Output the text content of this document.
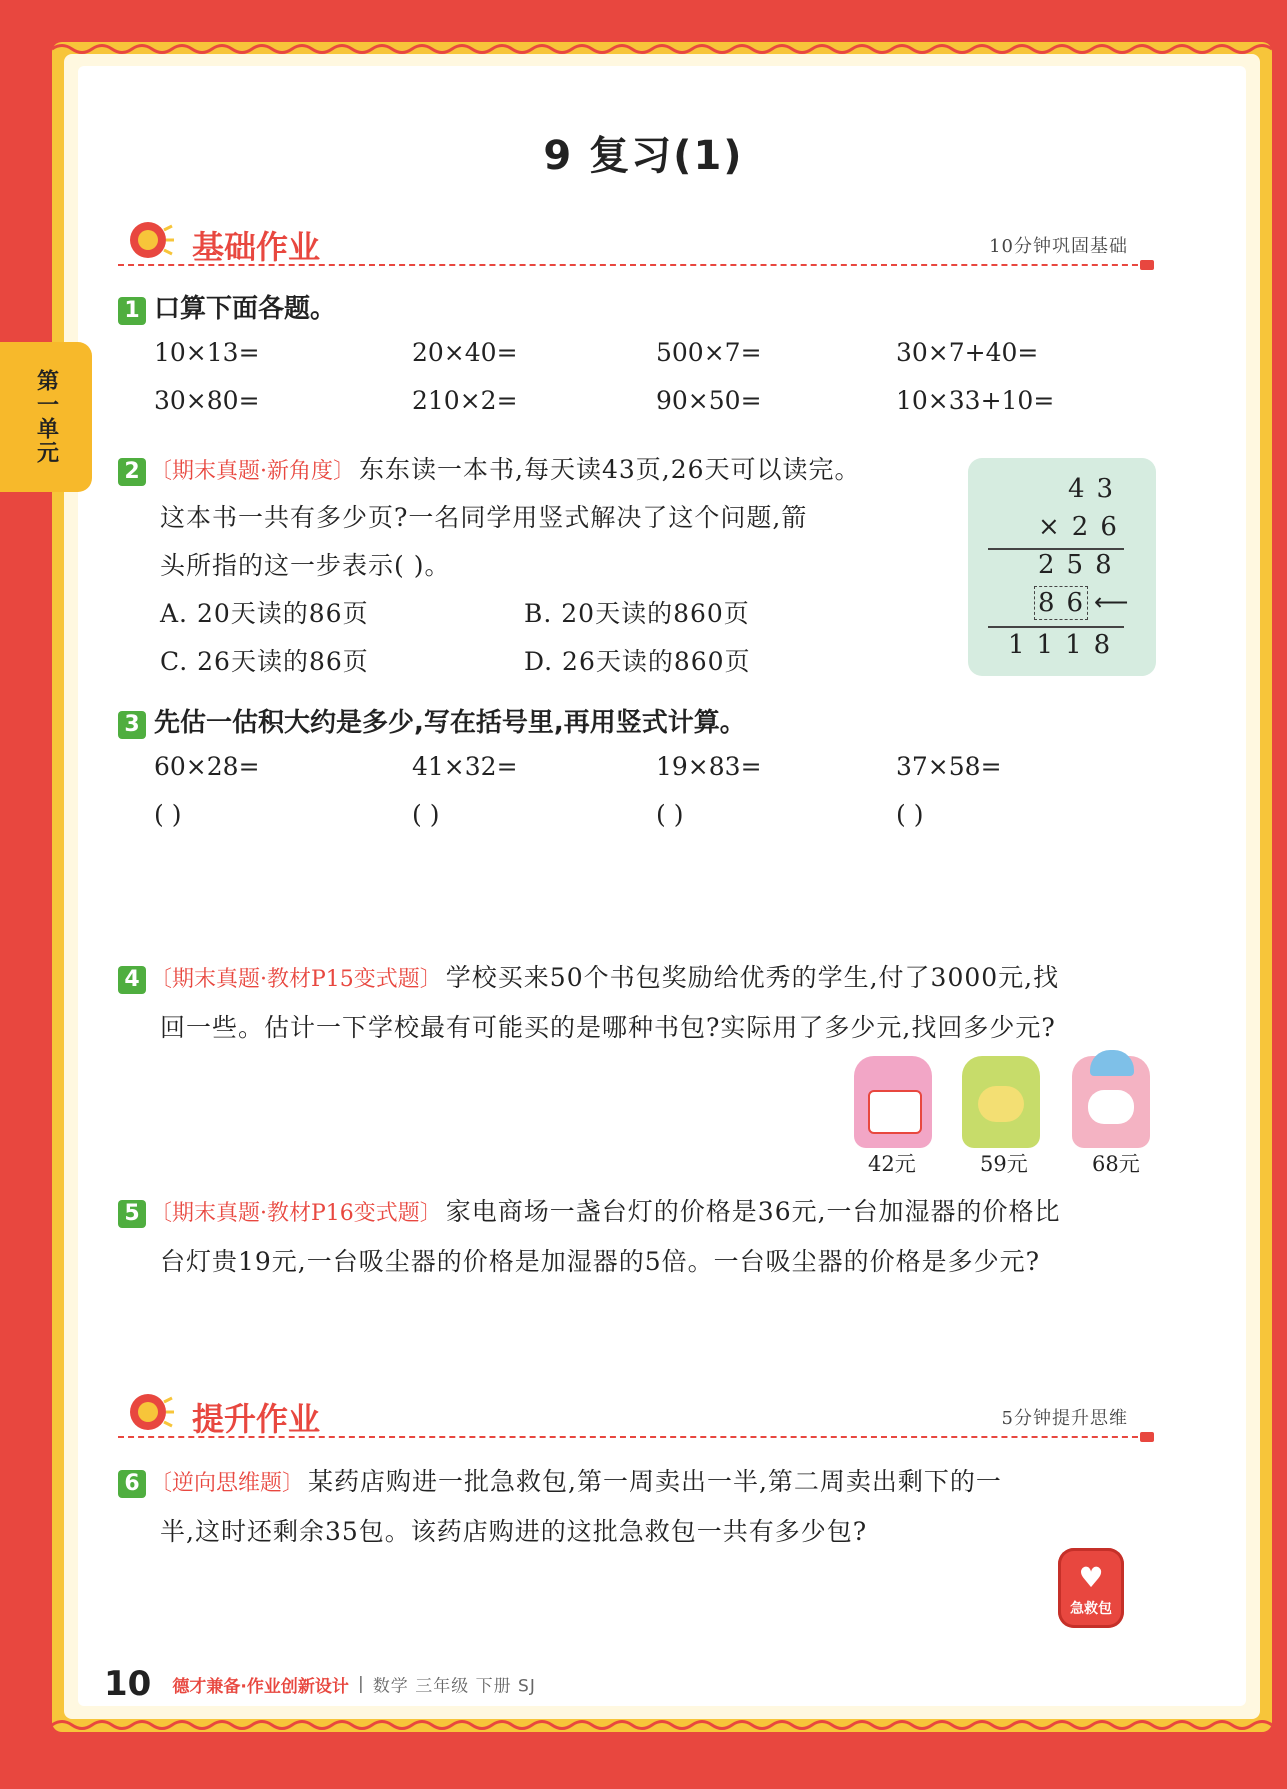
第一单元
9 复习(1)
基础作业	10分钟巩固基础
1 口算下面各题。
10×13=	20×40=	500×7=	30×7+40=
30×80=	210×2=	90×50=	10×33+10=
2 〔期末真题·新角度〕 东东读一本书,每天读43页,26天可以读完。
这本书一共有多少页?一名同学用竖式解决了这个问题,箭
头所指的这一步表示( )。
A. 20天读的86页	B. 20天读的860页
C. 26天读的86页	D. 26天读的860页
43
×26
258
86
⟵
1118
3 先估一估积大约是多少,写在括号里,再用竖式计算。
60×28=	41×32=	19×83=	37×58=
( )	( )	( )	( )
4 〔期末真题·教材P15变式题〕 学校买来50个书包奖励给优秀的学生,付了3000元,找
回一些。估计一下学校最有可能买的是哪种书包?实际用了多少元,找回多少元?
42元	59元	68元
5 〔期末真题·教材P16变式题〕 家电商场一盏台灯的价格是36元,一台加湿器的价格比
台灯贵19元,一台吸尘器的价格是加湿器的5倍。一台吸尘器的价格是多少元?
提升作业	5分钟提升思维
6 〔逆向思维题〕 某药店购进一批急救包,第一周卖出一半,第二周卖出剩下的一
半,这时还剩余35包。该药店购进的这批急救包一共有多少包?
♥
急救包
10 德才兼备·作业创新设计 | 数学 三年级 下册 SJ
